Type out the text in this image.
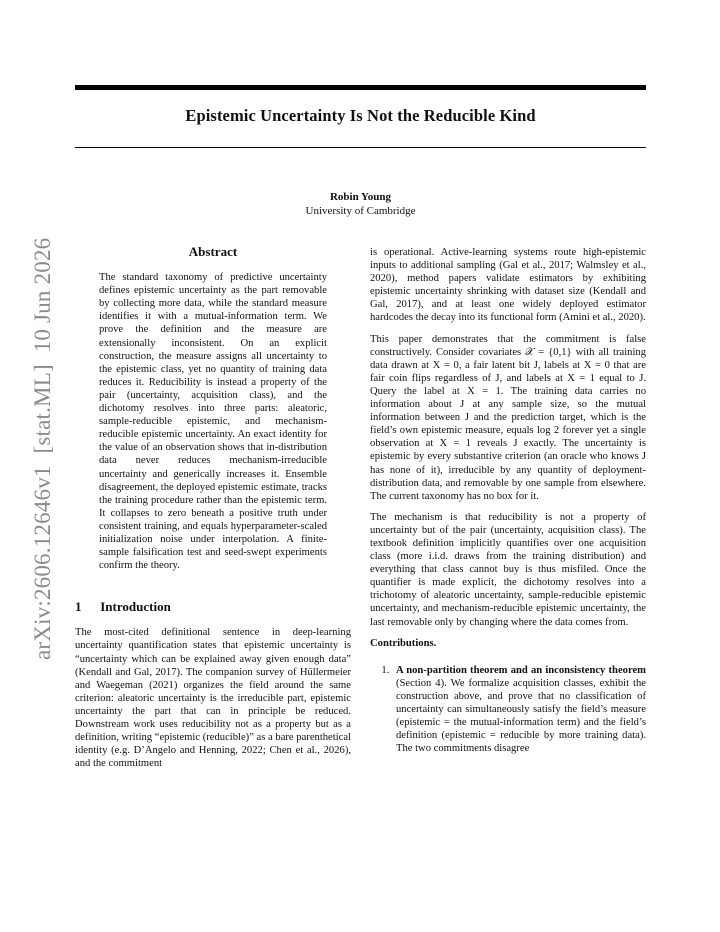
Epistemic Uncertainty Is Not the Reducible Kind
Robin Young
University of Cambridge
arXiv:2606.12646v1  [stat.ML]  10 Jun 2026	Abstract

The standard taxonomy of predictive uncertainty defines epistemic uncertainty as the part removable by collecting more data, while the standard measure identifies it with a mutual-information term. We prove the definition and the measure are extensionally inconsistent. On an explicit construction, the measure assigns all uncertainty to the epistemic class, yet no quantity of training data reduces it. Reducibility is instead a property of the pair (uncertainty, acquisition class), and the dichotomy resolves into three parts: aleatoric, sample-reducible epistemic, and mechanism-reducible epistemic uncertainty. An exact identity for the value of an observation shows that in-distribution data never reduces mechanism-irreducible uncertainty and generically increases it. Ensemble disagreement, the deployed epistemic estimate, tracks the training procedure rather than the epistemic term. It collapses to zero beneath a positive truth under consistent training, and equals hyperparameter-scaled initialization noise under interpolation. A finite-sample falsification test and seed-swept experiments confirm the theory.

1 Introduction

The most-cited definitional sentence in deep-learning uncertainty quantification states that epistemic uncertainty is “uncertainty which can be explained away given enough data” (Kendall and Gal, 2017). The companion survey of Hüllermeier and Waegeman (2021) organizes the field around the same criterion: aleatoric uncertainty is the irreducible part, epistemic uncertainty the part that can in principle be reduced. Downstream work uses reducibility not as a property but as a definition, writing “epistemic (reducible)” as a bare parenthetical identity (e.g. D’Angelo and Henning, 2022; Chen et al., 2026), and the commitment

is operational. Active-learning systems route high-epistemic inputs to additional sampling (Gal et al., 2017; Walmsley et al., 2020), method papers validate estimators by exhibiting epistemic uncertainty shrinking with dataset size (Kendall and Gal, 2017), and at least one widely deployed estimator hardcodes the decay into its functional form (Amini et al., 2020).

This paper demonstrates that the commitment is false constructively. Consider covariates 𝒳 = {0,1} with all training data drawn at X = 0, a fair latent bit J, labels at X = 0 that are fair coin flips regardless of J, and labels at X = 1 equal to J. Query the label at X = 1. The training data carries no information about J at any sample size, so the mutual information between J and the prediction target, which is the field’s own epistemic measure, equals log 2 forever yet a single observation at X = 1 reveals J exactly. The uncertainty is epistemic by every substantive criterion (an oracle who knows J has none of it), irreducible by any quantity of deployment-distribution data, and removable by one sample from elsewhere. The current taxonomy has no box for it.

The mechanism is that reducibility is not a property of uncertainty but of the pair (uncertainty, acquisition class). The textbook definition implicitly quantifies over one acquisition class (more i.i.d. draws from the training distribution) and everything that class cannot buy is thus misfiled. Once the quantifier is made explicit, the dichotomy resolves into a trichotomy of aleatoric uncertainty, sample-reducible epistemic uncertainty, and mechanism-reducible epistemic uncertainty, the last removable only by changing where the data comes from.

Contributions.
1. A non-partition theorem and an inconsistency theorem (Section 4). We formalize acquisition classes, exhibit the construction above, and prove that no classification of uncertainty can simultaneously satisfy the field’s measure (epistemic = the mutual-information term) and the field’s definition (epistemic = reducible by more training data). The two commitments disagree
